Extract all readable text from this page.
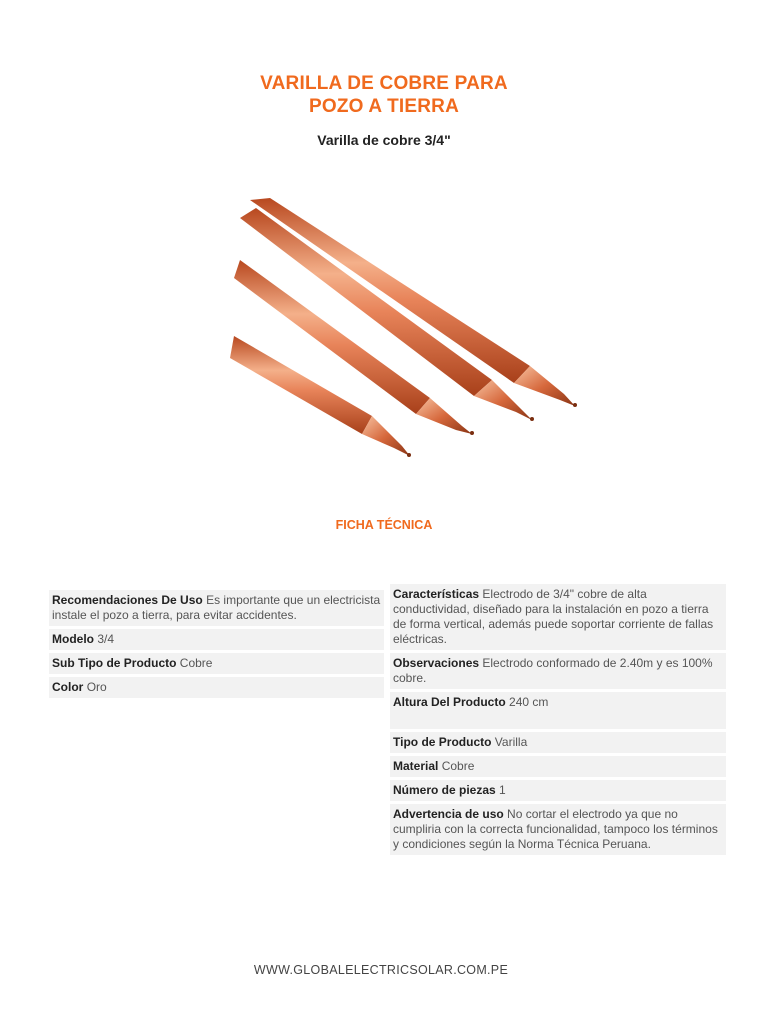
VARILLA DE COBRE PARA
POZO A TIERRA
Varilla de cobre 3/4"
FICHA TÉCNICA
Recomendaciones De Uso Es importante que un electricista instale el pozo a tierra, para evitar accidentes.
Modelo 3/4
Sub Tipo de Producto Cobre
Color Oro
Características Electrodo de 3/4" cobre de alta conductividad, diseñado para la instalación en pozo a tierra de forma vertical, además puede soportar corriente de fallas eléctricas.
Observaciones Electrodo conformado de 2.40m y es 100% cobre.
Altura Del Producto 240 cm
Tipo de Producto Varilla
Material Cobre
Número de piezas 1
Advertencia de uso No cortar el electrodo ya que no cumpliria con la correcta funcionalidad, tampoco los términos y condiciones según la Norma Técnica Peruana.
WWW.GLOBALELECTRICSOLAR.COM.PE
